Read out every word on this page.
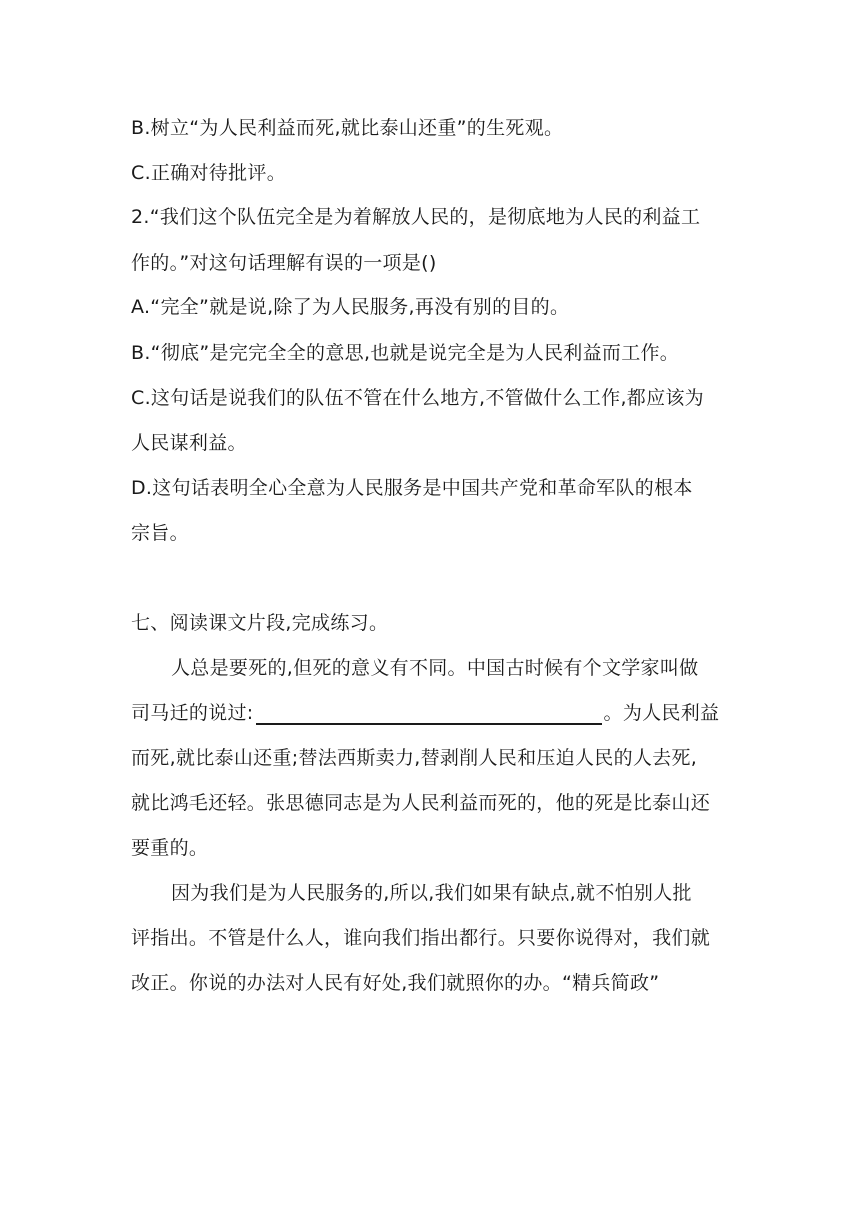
B.树立“为人民利益而死,就比泰山还重”的生死观。
C.正确对待批评。
2.“我们这个队伍完全是为着解放人民的，是彻底地为人民的利益工
作的。”对这句话理解有误的一项是()
A.“完全”就是说,除了为人民服务,再没有别的目的。
B.“彻底”是完完全全的意思,也就是说完全是为人民利益而工作。
C.这句话是说我们的队伍不管在什么地方,不管做什么工作,都应该为
人民谋利益。
D.这句话表明全心全意为人民服务是中国共产党和革命军队的根本
宗旨。
七、阅读课文片段,完成练习。
人总是要死的,但死的意义有不同。中国古时候有个文学家叫做
司马迁的说过:	。为人民利益
而死,就比泰山还重;替法西斯卖力,替剥削人民和压迫人民的人去死,
就比鸿毛还轻。张思德同志是为人民利益而死的，他的死是比泰山还
要重的。
因为我们是为人民服务的,所以,我们如果有缺点,就不怕别人批
评指出。不管是什么人，谁向我们指出都行。只要你说得对，我们就
改正。你说的办法对人民有好处,我们就照你的办。“精兵简政”
